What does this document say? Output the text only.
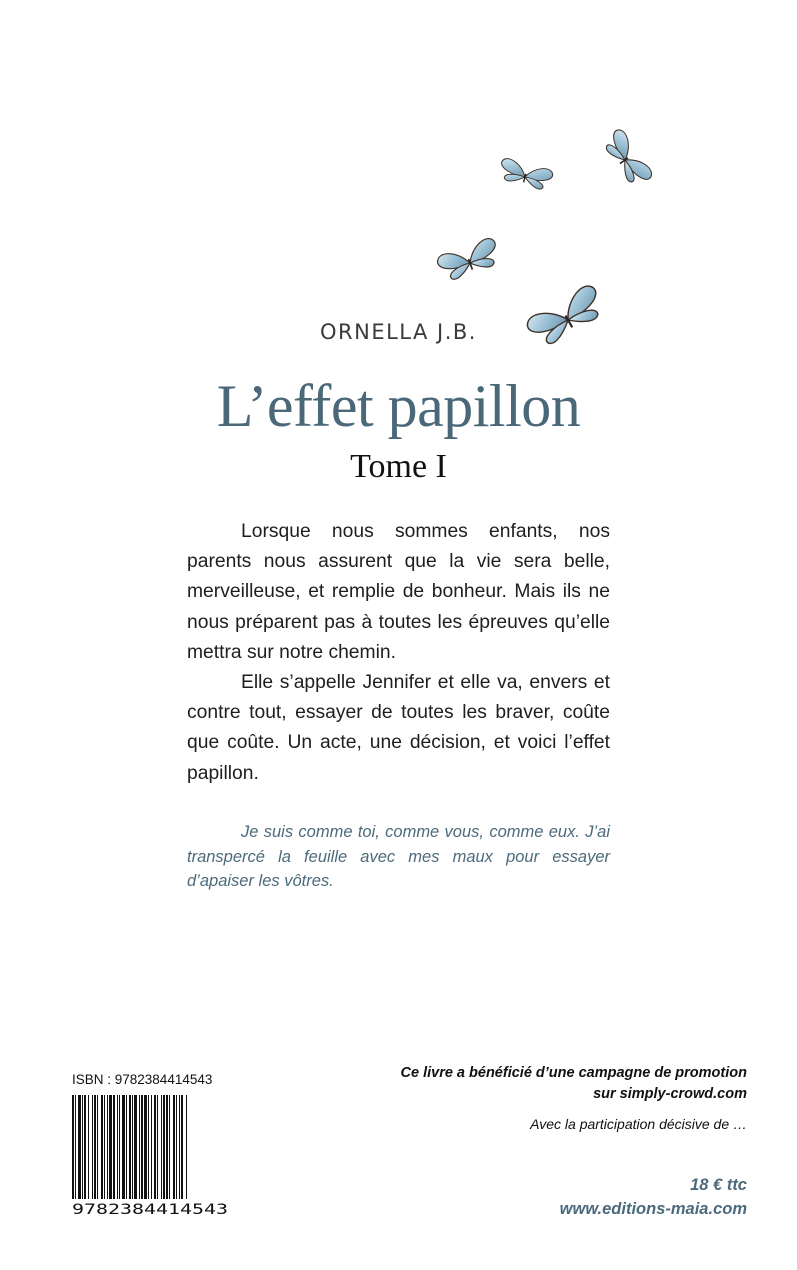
ORNELLA J.B.
L’effet papillon
Tome I

Lorsque nous sommes enfants, nos parents nous assurent que la vie sera belle, merveilleuse, et remplie de bonheur. Mais ils ne nous préparent pas à toutes les épreuves qu’elle mettra sur notre chemin.

Elle s’appelle Jennifer et elle va, envers et contre tout, essayer de toutes les braver, coûte que coûte. Un acte, une décision, et voici l’effet papillon.

Je suis comme toi, comme vous, comme eux. J’ai transpercé la feuille avec mes maux pour essayer d’apaiser les vôtres.

ISBN : 9782384414543
9782384414543
Ce livre a bénéficié d’une campagne de promotion
sur simply-crowd.com
Avec la participation décisive de …
18 € ttc
www.editions-maia.com
